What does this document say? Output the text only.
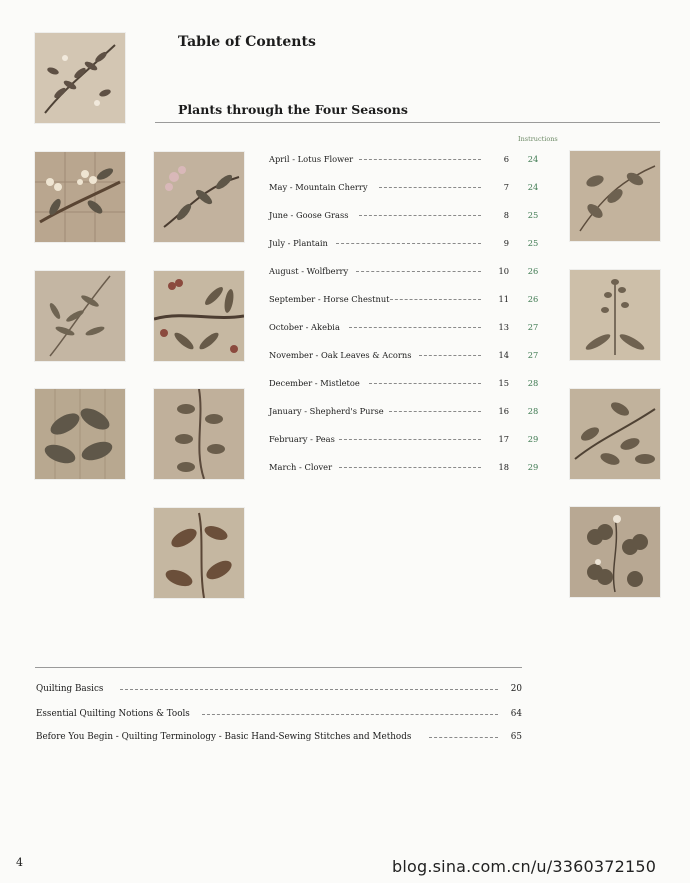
Table of Contents
Plants through the Four Seasons
Instructions
April - Lotus Flower	6	24
May - Mountain Cherry	7	24
June - Goose Grass	8	25
July - Plantain	9	25
August - Wolfberry	10	26
September - Horse Chestnut	11	26
October - Akebia	13	27
November - Oak Leaves & Acorns	14	27
December - Mistletoe	15	28
January - Shepherd's Purse	16	28
February - Peas	17	29
March - Clover	18	29
Quilting Basics	20
Essential Quilting Notions & Tools	64
Before You Begin - Quilting Terminology - Basic Hand-Sewing Stitches and Methods	65
4	blog.sina.com.cn/u/3360372150
